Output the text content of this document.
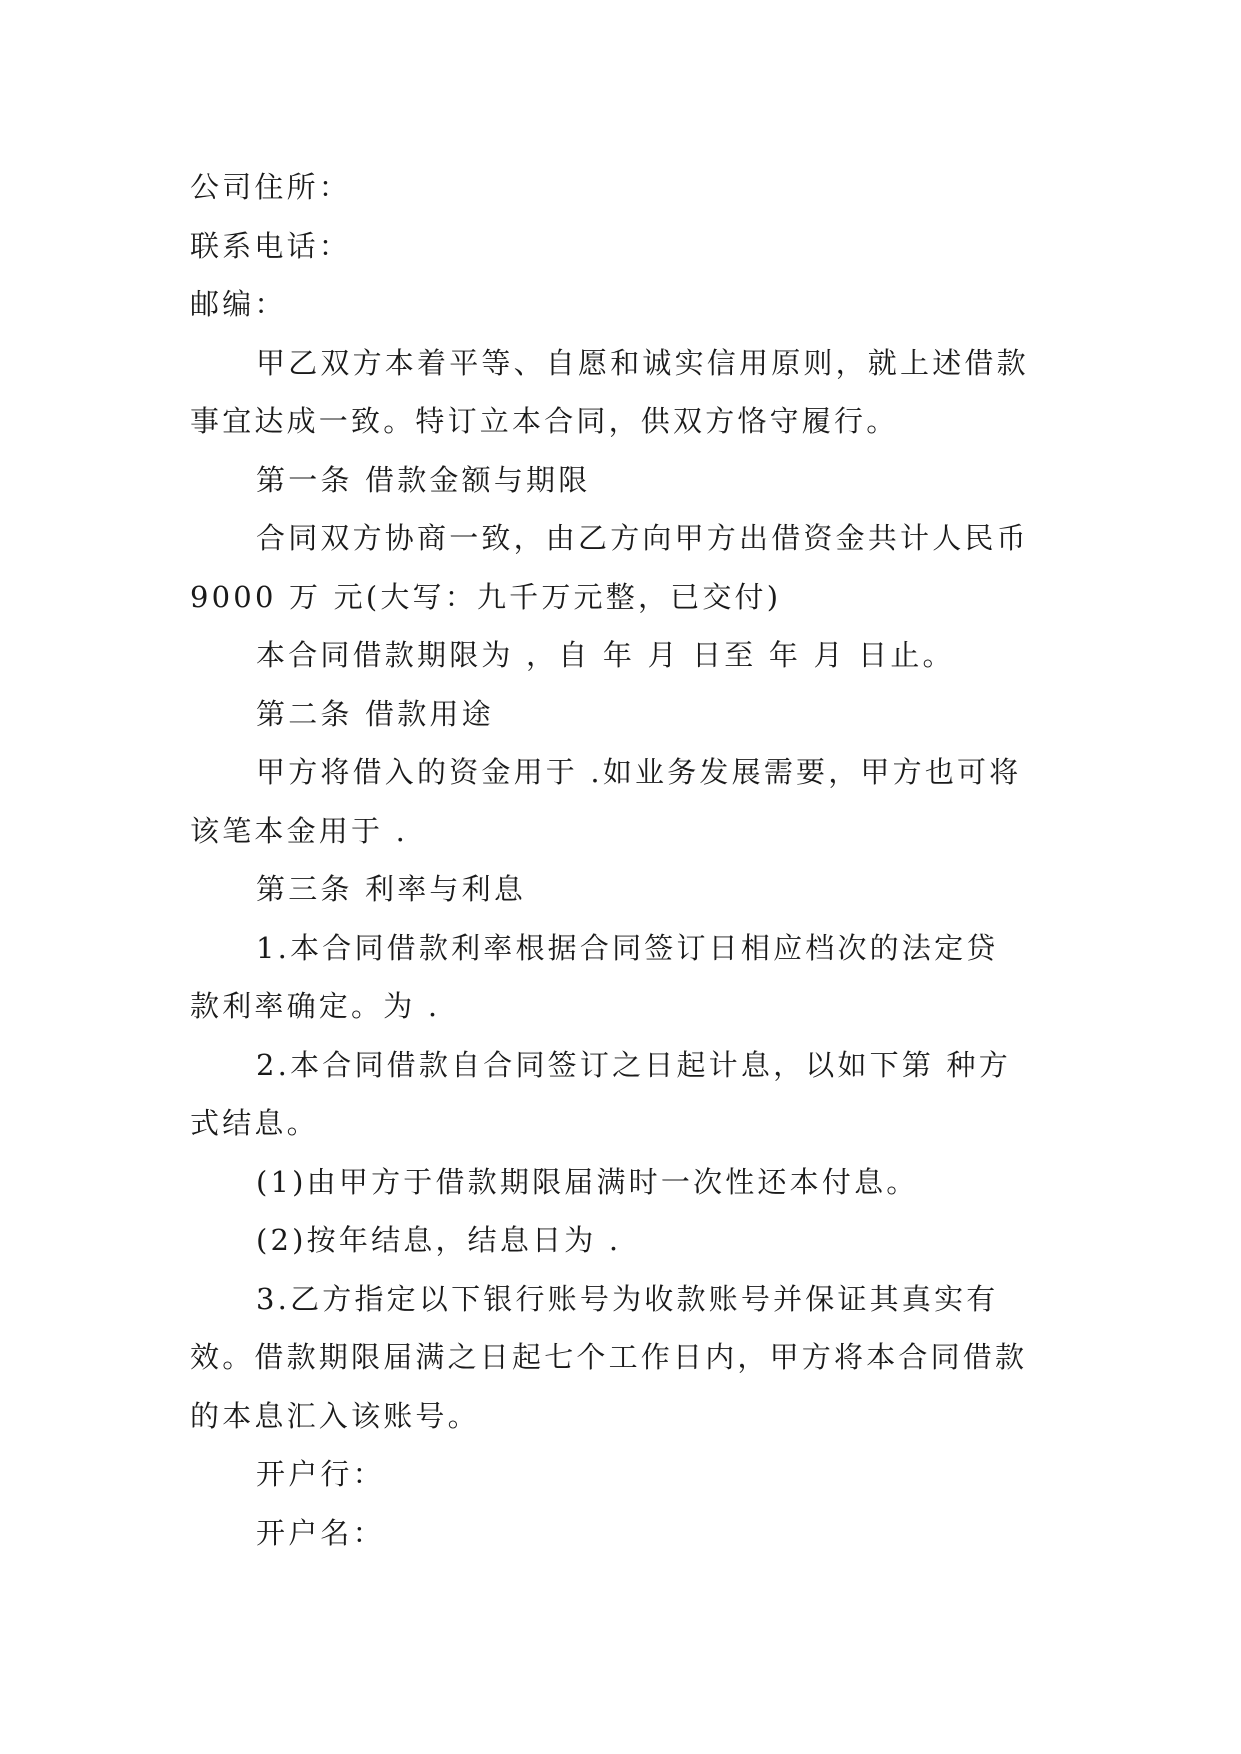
公司住所：
联系电话：
邮编：
甲乙双方本着平等、自愿和诚实信用原则，就上述借款
事宜达成一致。特订立本合同，供双方恪守履行。
第一条 借款金额与期限
合同双方协商一致，由乙方向甲方出借资金共计人民币
9000 万 元(大写：九千万元整，已交付)
本合同借款期限为 ，自 年 月 日至 年 月 日止。
第二条 借款用途
甲方将借入的资金用于 .如业务发展需要，甲方也可将
该笔本金用于 .
第三条 利率与利息
1.本合同借款利率根据合同签订日相应档次的法定贷
款利率确定。为 .
2.本合同借款自合同签订之日起计息，以如下第 种方
式结息。
(1)由甲方于借款期限届满时一次性还本付息。
(2)按年结息，结息日为 .
3.乙方指定以下银行账号为收款账号并保证其真实有
效。借款期限届满之日起七个工作日内，甲方将本合同借款
的本息汇入该账号。
开户行：
开户名：
